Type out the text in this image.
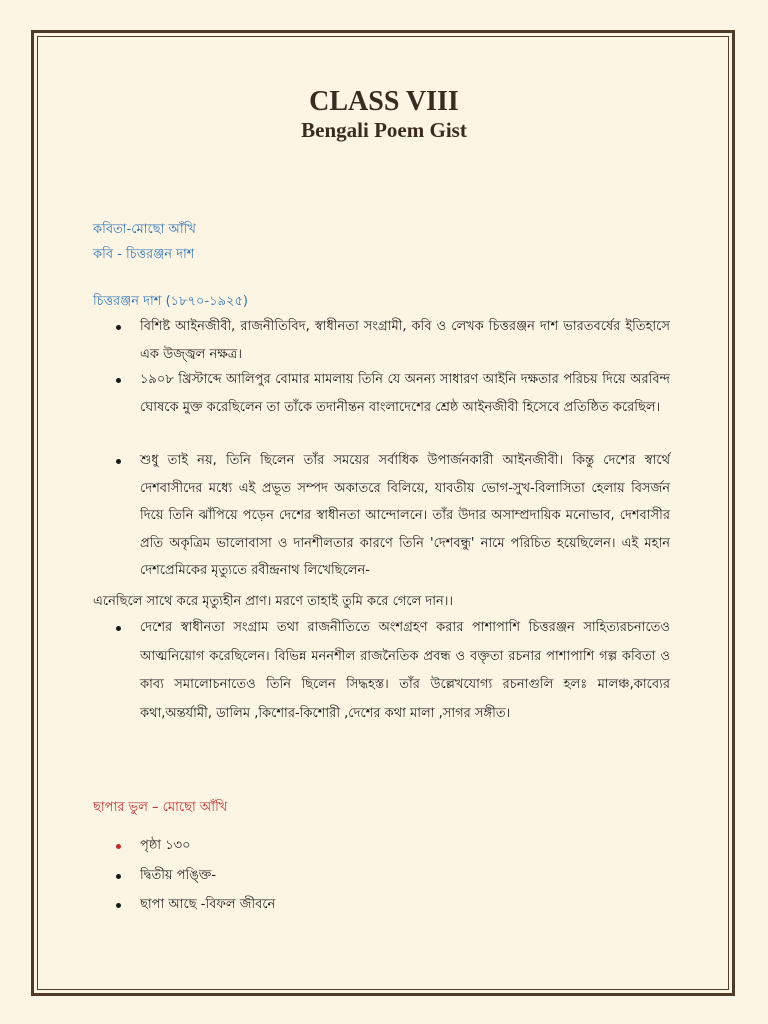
CLASS VIII
Bengali Poem Gist
কবিতা-মোছো আঁখি
কবি - চিত্তরঞ্জন দাশ
চিত্তরঞ্জন দাশ (১৮৭০-১৯২৫)
বিশিষ্ট আইনজীবী, রাজনীতিবিদ, স্বাধীনতা সংগ্রামী, কবি ও লেখক চিত্তরঞ্জন দাশ ভারতবর্ষের ইতিহাসে এক উজ্জ্বল নক্ষত্র।
১৯০৮ খ্রিস্টাব্দে আলিপুর বোমার মামলায় তিনি যে অনন্য সাধারণ আইনি দক্ষতার পরিচয় দিয়ে অরবিন্দ ঘোষকে মুক্ত করেছিলেন তা তাঁকে তদানীন্তন বাংলাদেশের শ্রেষ্ঠ আইনজীবী হিসেবে প্রতিষ্ঠিত করেছিল।
শুধু তাই নয়, তিনি ছিলেন তাঁর সময়ের সর্বাধিক উপার্জনকারী আইনজীবী। কিন্তু দেশের স্বার্থে দেশবাসীদের মধ্যে এই প্রভূত সম্পদ অকাতরে বিলিয়ে, যাবতীয় ভোগ-সুখ-বিলাসিতা হেলায় বিসর্জন দিয়ে তিনি ঝাঁপিয়ে পড়েন দেশের স্বাধীনতা আন্দোলনে। তাঁর উদার অসাম্প্রদায়িক মনোভাব, দেশবাসীর প্রতি অকৃত্রিম ভালোবাসা ও দানশীলতার কারণে তিনি 'দেশবন্ধু' নামে পরিচিত হয়েছিলেন। এই মহান দেশপ্রেমিকের মৃত্যুতে রবীন্দ্রনাথ লিখেছিলেন-
এনেছিলে সাথে করে মৃত্যুহীন প্রাণ। মরণে তাহাই তুমি করে গেলে দান।।
দেশের স্বাধীনতা সংগ্রাম তথা রাজনীতিতে অংশগ্রহণ করার পাশাপাশি চিত্তরঞ্জন সাহিত্যরচনাতেও আত্মনিয়োগ করেছিলেন। বিভিন্ন মননশীল রাজনৈতিক প্রবন্ধ ও বক্তৃতা রচনার পাশাপাশি গল্প কবিতা ও কাব্য সমালোচনাতেও তিনি ছিলেন সিদ্ধহস্ত। তাঁর উল্লেখযোগ্য রচনাগুলি হলঃ মালঞ্চ,কাব্যের কথা,অন্তর্যামী, ডালিম ,কিশোর-কিশোরী ,দেশের কথা মালা ,সাগর সঙ্গীত।
ছাপার ভুল – মোছো আঁখি
পৃষ্ঠা ১৩০
দ্বিতীয় পঙ্ক্তি-
ছাপা আছে -বিফল জীবনে
